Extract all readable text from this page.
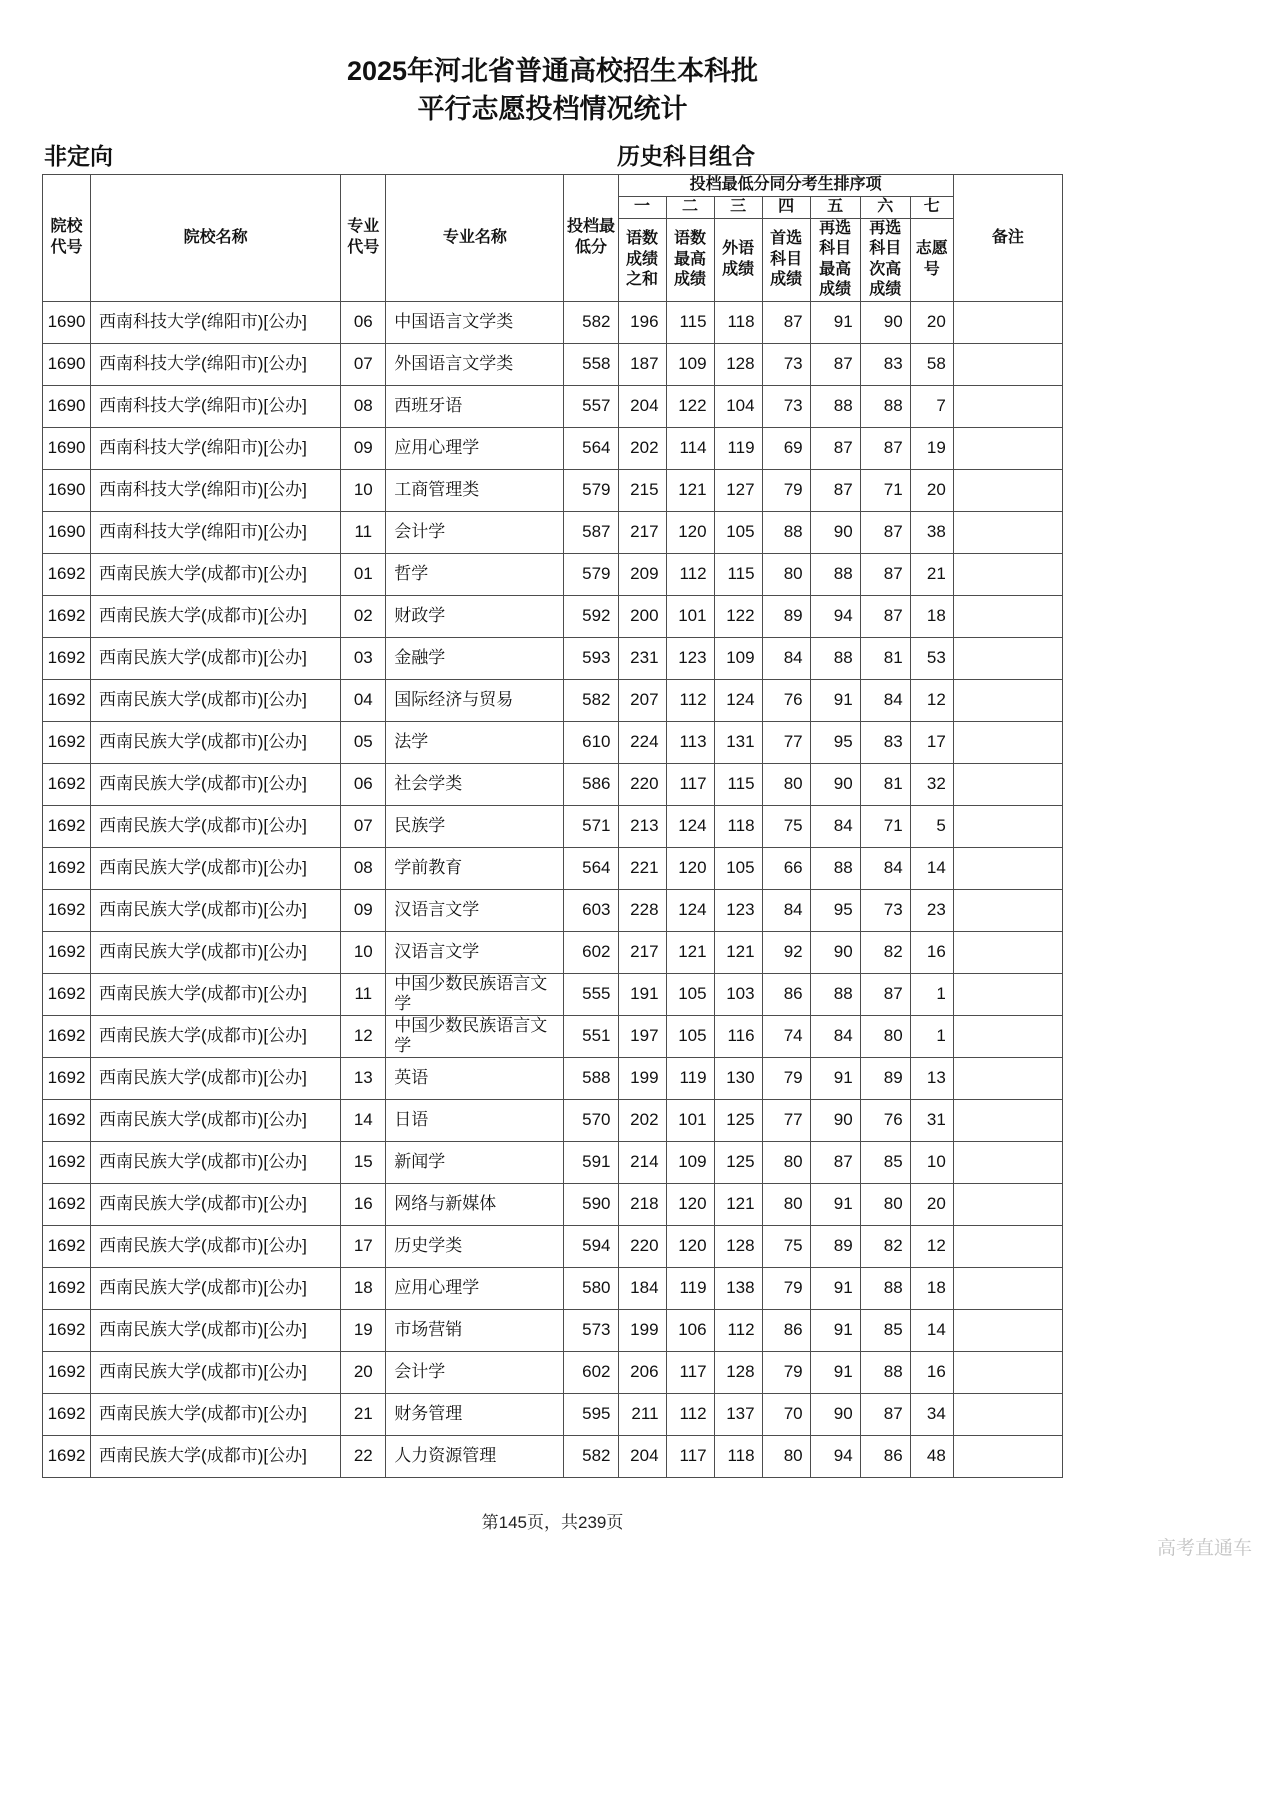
2025年河北省普通高校招生本科批
平行志愿投档情况统计
非定向	历史科目组合
院校代号	院校名称	专业代号	专业名称	投档最低分	投档最低分同分考生排序项							备注
					一	二	三	四	五	六	七	
					语数成绩之和	语数最高成绩	外语成绩	首选科目成绩	再选科目最高成绩	再选科目次高成绩	志愿号	
1690	西南科技大学(绵阳市)[公办]	06	中国语言文学类	582	196	115	118	87	91	90	20	
1690	西南科技大学(绵阳市)[公办]	07	外国语言文学类	558	187	109	128	73	87	83	58	
1690	西南科技大学(绵阳市)[公办]	08	西班牙语	557	204	122	104	73	88	88	7	
1690	西南科技大学(绵阳市)[公办]	09	应用心理学	564	202	114	119	69	87	87	19	
1690	西南科技大学(绵阳市)[公办]	10	工商管理类	579	215	121	127	79	87	71	20	
1690	西南科技大学(绵阳市)[公办]	11	会计学	587	217	120	105	88	90	87	38	
1692	西南民族大学(成都市)[公办]	01	哲学	579	209	112	115	80	88	87	21	
1692	西南民族大学(成都市)[公办]	02	财政学	592	200	101	122	89	94	87	18	
1692	西南民族大学(成都市)[公办]	03	金融学	593	231	123	109	84	88	81	53	
1692	西南民族大学(成都市)[公办]	04	国际经济与贸易	582	207	112	124	76	91	84	12	
1692	西南民族大学(成都市)[公办]	05	法学	610	224	113	131	77	95	83	17	
1692	西南民族大学(成都市)[公办]	06	社会学类	586	220	117	115	80	90	81	32	
1692	西南民族大学(成都市)[公办]	07	民族学	571	213	124	118	75	84	71	5	
1692	西南民族大学(成都市)[公办]	08	学前教育	564	221	120	105	66	88	84	14	
1692	西南民族大学(成都市)[公办]	09	汉语言文学	603	228	124	123	84	95	73	23	
1692	西南民族大学(成都市)[公办]	10	汉语言文学	602	217	121	121	92	90	82	16	
1692	西南民族大学(成都市)[公办]	11	中国少数民族语言文学	555	191	105	103	86	88	87	1	
1692	西南民族大学(成都市)[公办]	12	中国少数民族语言文学	551	197	105	116	74	84	80	1	
1692	西南民族大学(成都市)[公办]	13	英语	588	199	119	130	79	91	89	13	
1692	西南民族大学(成都市)[公办]	14	日语	570	202	101	125	77	90	76	31	
1692	西南民族大学(成都市)[公办]	15	新闻学	591	214	109	125	80	87	85	10	
1692	西南民族大学(成都市)[公办]	16	网络与新媒体	590	218	120	121	80	91	80	20	
1692	西南民族大学(成都市)[公办]	17	历史学类	594	220	120	128	75	89	82	12	
1692	西南民族大学(成都市)[公办]	18	应用心理学	580	184	119	138	79	91	88	18	
1692	西南民族大学(成都市)[公办]	19	市场营销	573	199	106	112	86	91	85	14	
1692	西南民族大学(成都市)[公办]	20	会计学	602	206	117	128	79	91	88	16	
1692	西南民族大学(成都市)[公办]	21	财务管理	595	211	112	137	70	90	87	34	
1692	西南民族大学(成都市)[公办]	22	人力资源管理	582	204	117	118	80	94	86	48	
第145页，共239页
高考直通车
